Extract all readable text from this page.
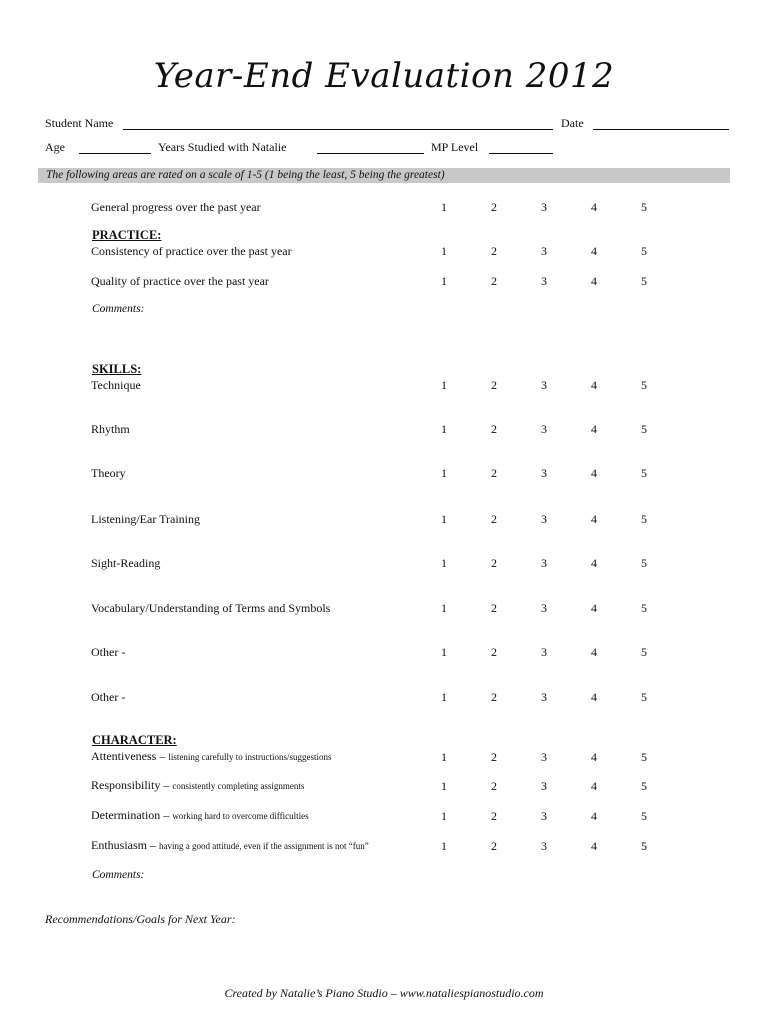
Year-End Evaluation 2012
Student Name	Date
Age	Years Studied with Natalie	MP Level
The following areas are rated on a scale of 1-5 (1 being the least, 5 being the greatest)
General progress over the past year	1	2	3	4	5
PRACTICE:
Consistency of practice over the past year	1	2	3	4	5
Quality of practice over the past year	1	2	3	4	5
Comments:
SKILLS:
Technique	1	2	3	4	5
Rhythm	1	2	3	4	5
Theory	1	2	3	4	5
Listening/Ear Training	1	2	3	4	5
Sight-Reading	1	2	3	4	5
Vocabulary/Understanding of Terms and Symbols	1	2	3	4	5
Other -	1	2	3	4	5
Other -	1	2	3	4	5
CHARACTER:
Attentiveness – listening carefully to instructions/suggestions	1	2	3	4	5
Responsibility – consistently completing assignments	1	2	3	4	5
Determination – working hard to overcome difficulties	1	2	3	4	5
Enthusiasm – having a good attitude, even if the assignment is not “fun”	1	2	3	4	5
Comments:
Recommendations/Goals for Next Year:
Created by Natalie’s Piano Studio – www.nataliespianostudio.com
